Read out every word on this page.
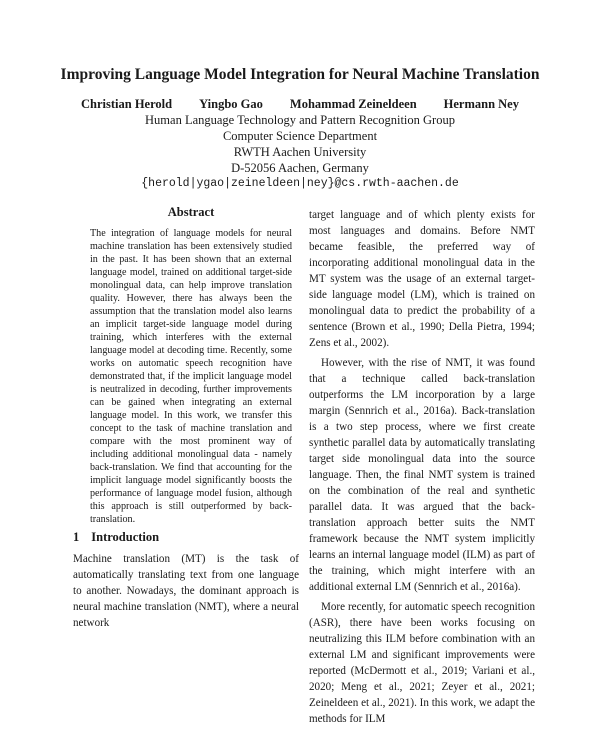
Improving Language Model Integration for Neural Machine Translation
Christian Herold Yingbo Gao Mohammad Zeineldeen Hermann Ney
Human Language Technology and Pattern Recognition Group
Computer Science Department
RWTH Aachen University
D-52056 Aachen, Germany
{herold|ygao|zeineldeen|ney}@cs.rwth-aachen.de
Abstract

The integration of language models for neural machine translation has been extensively studied in the past. It has been shown that an external language model, trained on additional target-side monolingual data, can help improve translation quality. However, there has always been the assumption that the translation model also learns an implicit target-side language model during training, which interferes with the external language model at decoding time. Recently, some works on automatic speech recognition have demonstrated that, if the implicit language model is neutralized in decoding, further improvements can be gained when integrating an external language model. In this work, we transfer this concept to the task of machine translation and compare with the most prominent way of including additional monolingual data - namely back-translation. We find that accounting for the implicit language model significantly boosts the performance of language model fusion, although this approach is still outperformed by back-translation.

1 Introduction

Machine translation (MT) is the task of automatically translating text from one language to another. Nowadays, the dominant approach is neural machine translation (NMT), where a neural network

target language and of which plenty exists for most languages and domains. Before NMT became feasible, the preferred way of incorporating additional monolingual data in the MT system was the usage of an external target-side language model (LM), which is trained on monolingual data to predict the probability of a sentence (Brown et al., 1990; Della Pietra, 1994; Zens et al., 2002).

However, with the rise of NMT, it was found that a technique called back-translation outperforms the LM incorporation by a large margin (Sennrich et al., 2016a). Back-translation is a two step process, where we first create synthetic parallel data by automatically translating target side monolingual data into the source language. Then, the final NMT system is trained on the combination of the real and synthetic parallel data. It was argued that the back-translation approach better suits the NMT framework because the NMT system implicitly learns an internal language model (ILM) as part of the training, which might interfere with an additional external LM (Sennrich et al., 2016a).

More recently, for automatic speech recognition (ASR), there have been works focusing on neutralizing this ILM before combination with an external LM and significant improvements were reported (McDermott et al., 2019; Variani et al., 2020; Meng et al., 2021; Zeyer et al., 2021; Zeineldeen et al., 2021). In this work, we adapt the methods for ILM
